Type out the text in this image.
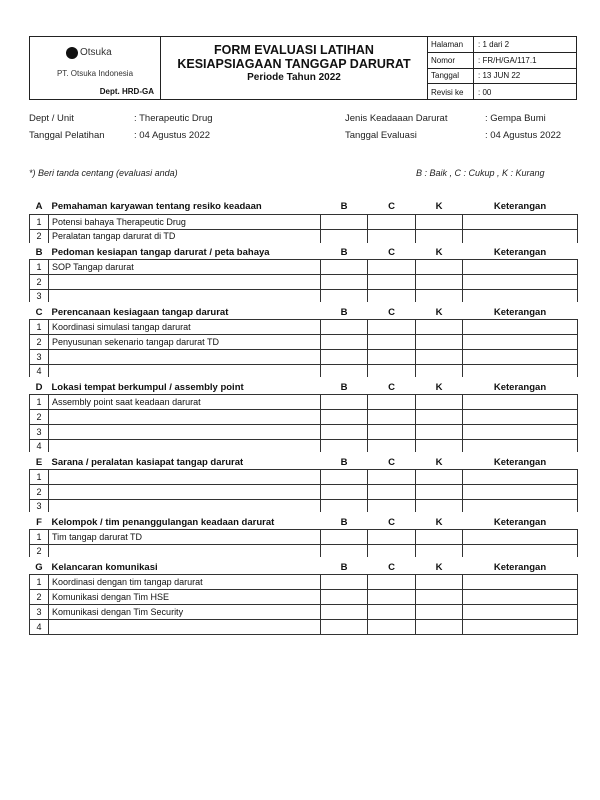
Otsuka
PT. Otsuka Indonesia
Dept. HRD-GA
FORM EVALUASI LATIHAN
KESIAPSIAGAAN TANGGAP DARURAT
Periode Tahun 2022
Halaman	: 1 dari 2
Nomor	: FR/H/GA/117.1
Tanggal	: 13 JUN 22
Revisi ke	: 00
Dept / Unit	: Therapeutic Drug
Tanggal Pelatihan	: 04 Agustus 2022
Jenis Keadaaan Darurat	: Gempa Bumi
Tanggal Evaluasi	: 04 Agustus 2022
*) Beri tanda centang (evaluasi anda)	B : Baik , C : Cukup , K : Kurang
A	Pemahaman karyawan tentang resiko keadaan	B	C	K	Keterangan
1	Potensi bahaya Therapeutic Drug				
2	Peralatan tangap darurat di TD				
B	Pedoman kesiapan tangap darurat / peta bahaya	B	C	K	Keterangan
1	SOP Tangap darurat				
2					
3					
C	Perencanaan kesiagaan tangap darurat	B	C	K	Keterangan
1	Koordinasi simulasi tangap darurat				
2	Penyusunan sekenario tangap darurat TD				
3					
4					
D	Lokasi tempat berkumpul / assembly point	B	C	K	Keterangan
1	Assembly point saat keadaan darurat				
2					
3					
4					
E	Sarana / peralatan kasiapat tangap darurat	B	C	K	Keterangan
1					
2					
3					
F	Kelompok / tim penanggulangan keadaan darurat	B	C	K	Keterangan
1	Tim tangap darurat TD				
2					
G	Kelancaran komunikasi	B	C	K	Keterangan
1	Koordinasi dengan tim tangap darurat				
2	Komunikasi dengan Tim HSE				
3	Komunikasi dengan Tim Security				
4					
